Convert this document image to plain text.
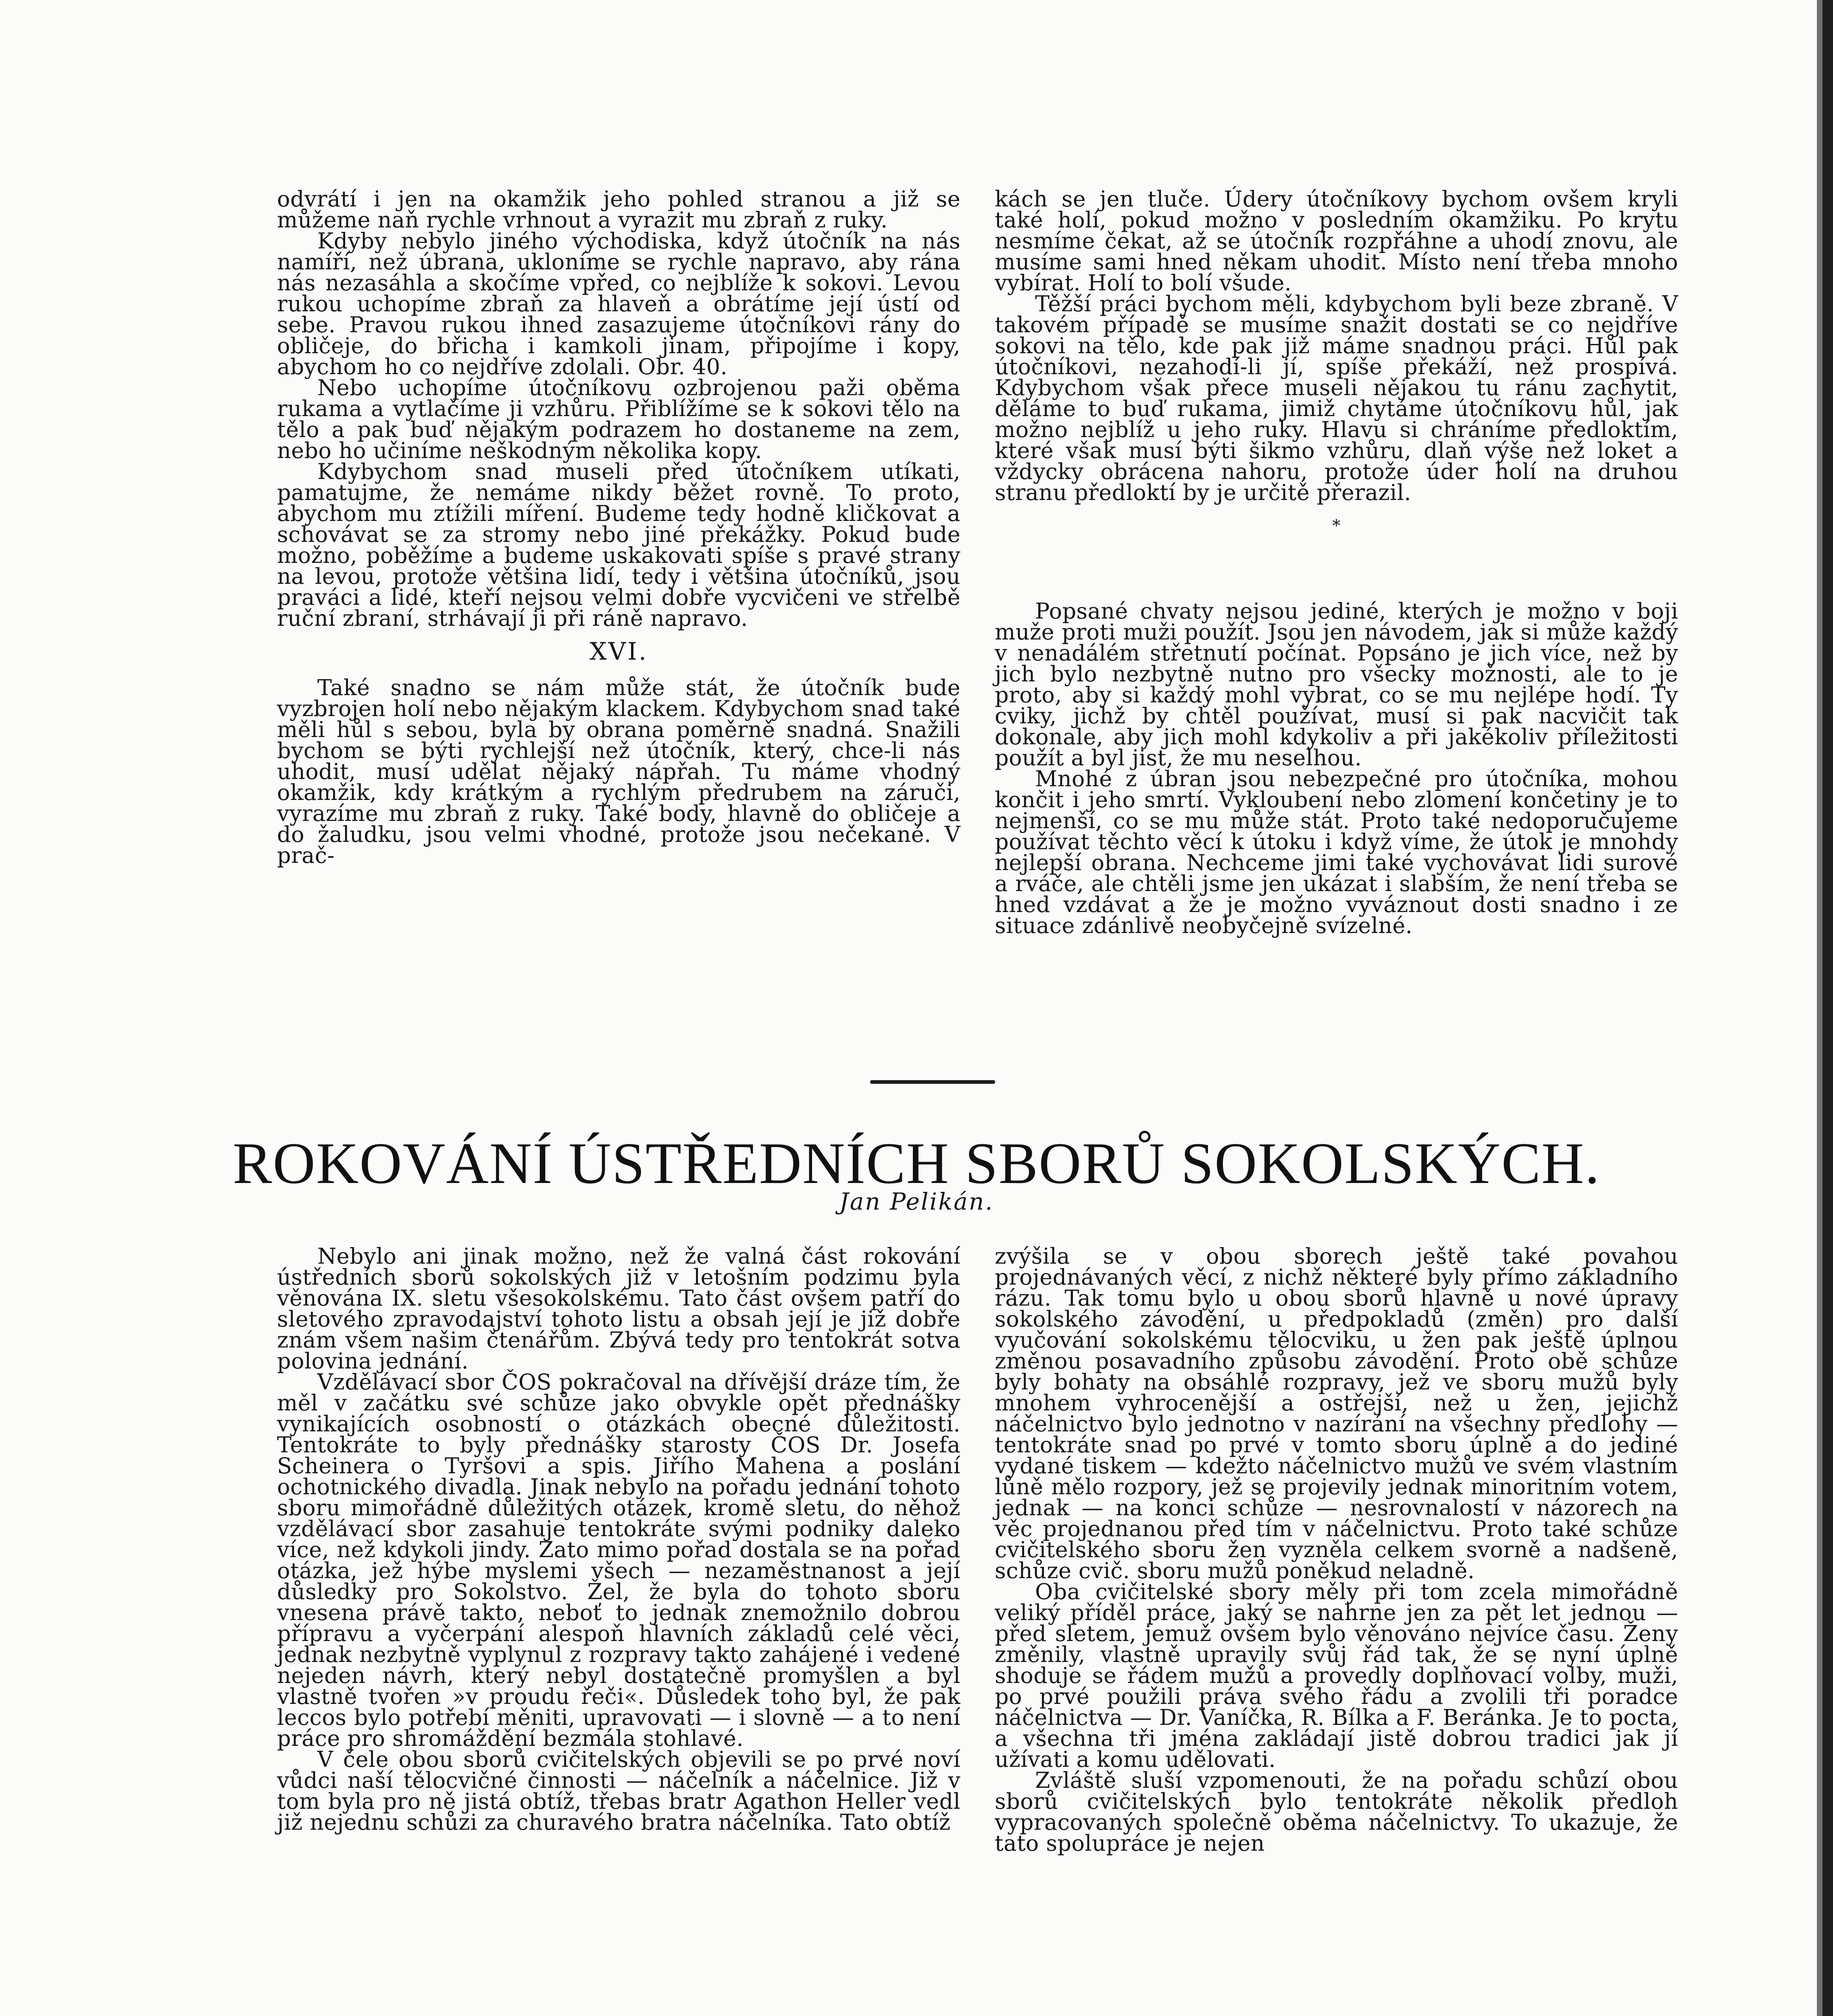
odvrátí i jen na okamžik jeho pohled stranou a již se můžeme naň rychle vrhnout a vyrazit mu zbraň z ruky.

Kdyby nebylo jiného východiska, když útočník na nás namíří, než úbrana, ukloníme se rychle napravo, aby rána nás nezasáhla a skočíme vpřed, co nejblíže k sokovi. Levou rukou uchopíme zbraň za hlaveň a obrátíme její ústí od sebe. Pravou rukou ihned zasazujeme útočníkovi rány do obličeje, do břicha i kamkoli jinam, připojíme i kopy, abychom ho co nejdříve zdolali. Obr. 40.

Nebo uchopíme útočníkovu ozbrojenou paži oběma rukama a vytlačíme ji vzhůru. Přiblížíme se k sokovi tělo na tělo a pak buď nějakým podrazem ho dostaneme na zem, nebo ho učiníme neškodným několika kopy.

Kdybychom snad museli před útočníkem utíkati, pamatujme, že nemáme nikdy běžet rovně. To proto, abychom mu ztížili míření. Budeme tedy hodně kličkovat a schovávat se za stromy nebo jiné překážky. Pokud bude možno, poběžíme a budeme uskakovati spíše s pravé strany na levou, protože většina lidí, tedy i většina útočníků, jsou praváci a lidé, kteří nejsou velmi dobře vycvičeni ve střelbě ruční zbraní, strhávají ji při ráně napravo.

XVI.

Také snadno se nám může stát, že útočník bude vyzbrojen holí nebo nějakým klackem. Kdybychom snad také měli hůl s sebou, byla by obrana poměrně snadná. Snažili bychom se býti rychlejší než útočník, který, chce-li nás uhodit, musí udělat nějaký nápřah. Tu máme vhodný okamžik, kdy krátkým a rychlým předrubem na záruči, vyrazíme mu zbraň z ruky. Také body, hlavně do obličeje a do žaludku, jsou velmi vhodné, protože jsou nečekané. V prač-

kách se jen tluče. Údery útočníkovy bychom ovšem kryli také holí, pokud možno v posledním okamžiku. Po krytu nesmíme čekat, až se útočník rozpřáhne a uhodí znovu, ale musíme sami hned někam uhodit. Místo není třeba mnoho vybírat. Holí to bolí všude.

Těžší práci bychom měli, kdybychom byli beze zbraně. V takovém případě se musíme snažit dostati se co nejdříve sokovi na tělo, kde pak již máme snadnou práci. Hůl pak útočníkovi, nezahodí-li jí, spíše překáží, než prospívá. Kdybychom však přece museli nějakou tu ránu zachytit, děláme to buď rukama, jimiž chytáme útočníkovu hůl, jak možno nejblíž u jeho ruky. Hlavu si chráníme předloktím, které však musí býti šikmo vzhůru, dlaň výše než loket a vždycky obrácena nahoru, protože úder holí na druhou stranu předloktí by je určitě přerazil.

*

Popsané chvaty nejsou jediné, kterých je možno v boji muže proti muži použít. Jsou jen návodem, jak si může každý v nenadálém střetnutí počínat. Popsáno je jich více, než by jich bylo nezbytně nutno pro všecky možnosti, ale to je proto, aby si každý mohl vybrat, co se mu nejlépe hodí. Ty cviky, jichž by chtěl používat, musí si pak nacvičit tak dokonale, aby jich mohl kdykoliv a při jakékoliv příležitosti použít a byl jist, že mu neselhou.

Mnohé z úbran jsou nebezpečné pro útočníka, mohou končit i jeho smrtí. Vykloubení nebo zlomení končetiny je to nejmenší, co se mu může stát. Proto také nedoporučujeme používat těchto věcí k útoku i když víme, že útok je mnohdy nejlepší obrana. Nechceme jimi také vychovávat lidi surové a rváče, ale chtěli jsme jen ukázat i slabším, že není třeba se hned vzdávat a že je možno vyváznout dosti snadno i ze situace zdánlivě neobyčejně svízelné.

ROKOVÁNÍ ÚSTŘEDNÍCH SBORŮ SOKOLSKÝCH.
Jan Pelikán.

Nebylo ani jinak možno, než že valná část rokování ústředních sborů sokolských již v letošním podzimu byla věnována IX. sletu všesokolskému. Tato část ovšem patří do sletového zpravodajství tohoto listu a obsah její je již dobře znám všem našim čtenářům. Zbývá tedy pro tentokrát sotva polovina jednání.

Vzdělávací sbor ČOS pokračoval na dřívější dráze tím, že měl v začátku své schůze jako obvykle opět přednášky vynikajících osobností o otázkách obecné důležitosti. Tentokráte to byly přednášky starosty ČOS Dr. Josefa Scheinera o Tyršovi a spis. Jiřího Mahena a poslání ochotnického divadla. Jinak nebylo na pořadu jednání tohoto sboru mimořádně důležitých otázek, kromě sletu, do něhož vzdělávací sbor zasahuje tentokráte svými podniky daleko více, než kdykoli jindy. Zato mimo pořad dostala se na pořad otázka, jež hýbe myslemi všech — nezaměstnanost a její důsledky pro Sokolstvo. Žel, že byla do tohoto sboru vnesena právě takto, neboť to jednak znemožnilo dobrou přípravu a vyčerpání alespoň hlavních základů celé věci, jednak nezbytně vyplynul z rozpravy takto zahájené i vedené nejeden návrh, který nebyl dostatečně promyšlen a byl vlastně tvořen »v proudu řeči«. Důsledek toho byl, že pak leccos bylo potřebí měniti, upravovati — i slovně — a to není práce pro shromáždění bezmála stohlavé.

V čele obou sborů cvičitelských objevili se po prvé noví vůdci naší tělocvičné činnosti — náčelník a náčelnice. Již v tom byla pro ně jistá obtíž, třebas bratr Agathon Heller vedl již nejednu schůzi za churavého bratra náčelníka. Tato obtíž

zvýšila se v obou sborech ještě také povahou projednávaných věcí, z nichž některé byly přímo základního rázu. Tak tomu bylo u obou sborů hlavně u nové úpravy sokolského závodění, u předpokladů (změn) pro další vyučování sokolskému tělocviku, u žen pak ještě úplnou změnou posavadního způsobu závodění. Proto obě schůze byly bohaty na obsáhlé rozpravy, jež ve sboru mužů byly mnohem vyhrocenější a ostřejší, než u žen, jejichž náčelnictvo bylo jednotno v nazírání na všechny předlohy — tentokráte snad po prvé v tomto sboru úplně a do jediné vydané tiskem — kdežto náčelnictvo mužů ve svém vlastním lůně mělo rozpory, jež se projevily jednak minoritním votem, jednak — na konci schůze — nesrovnalostí v názorech na věc projednanou před tím v náčelnictvu. Proto také schůze cvičitelského sboru žen vyzněla celkem svorně a nadšeně, schůze cvič. sboru mužů poněkud neladně.

Oba cvičitelské sbory měly při tom zcela mimořádně veliký příděl práce, jaký se nahrne jen za pět let jednou — před sletem, jemuž ovšem bylo věnováno nejvíce času. Ženy změnily, vlastně upravily svůj řád tak, že se nyní úplně shoduje se řádem mužů a provedly doplňovací volby, muži, po prvé použili práva svého řádu a zvolili tři poradce náčelnictva — Dr. Vaníčka, R. Bílka a F. Beránka. Je to pocta, a všechna tři jména zakládají jistě dobrou tradici jak jí užívati a komu udělovati.

Zvláště sluší vzpomenouti, že na pořadu schůzí obou sborů cvičitelských bylo tentokráte několik předloh vypracovaných společně oběma náčelnictvy. To ukazuje, že tato spolupráce je nejen
